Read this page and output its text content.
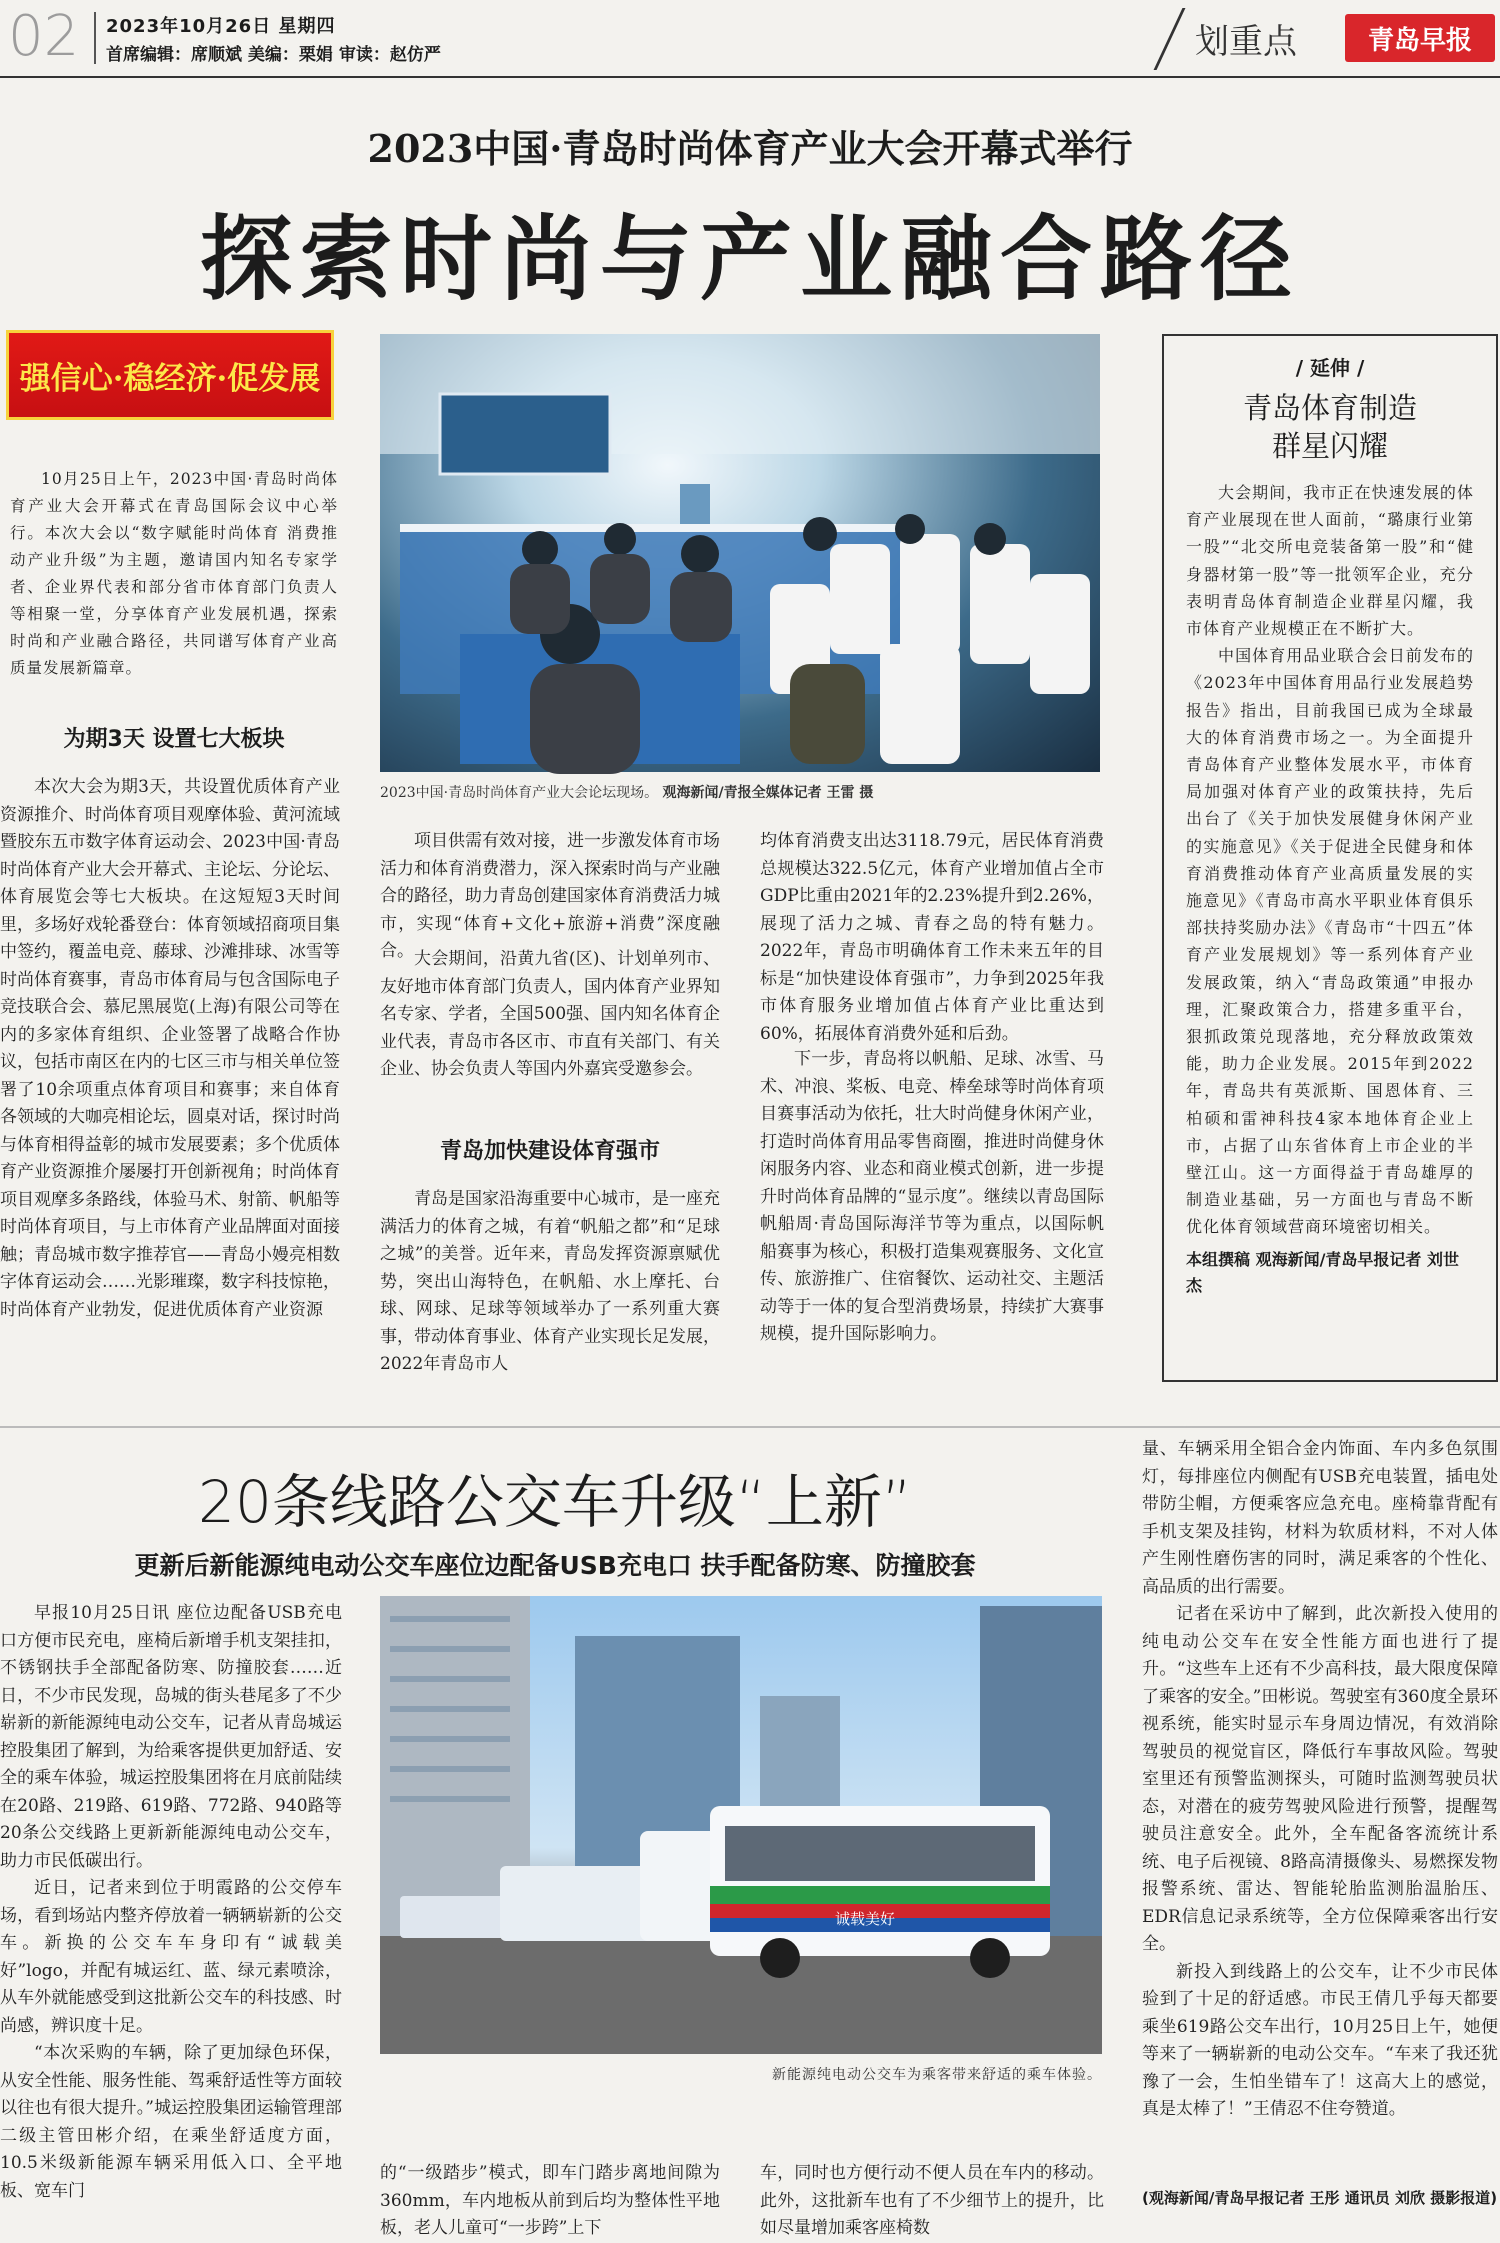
02 2023年10月26日 星期四
首席编辑：席顺斌 美编：栗娟 审读：赵仿严	划重点	青岛早报
2023中国·青岛时尚体育产业大会开幕式举行
探索时尚与产业融合路径
强信心·稳经济·促发展

10月25日上午，2023中国·青岛时尚体育产业大会开幕式在青岛国际会议中心举行。本次大会以“数字赋能时尚体育 消费推动产业升级”为主题，邀请国内知名专家学者、企业界代表和部分省市体育部门负责人等相聚一堂，分享体育产业发展机遇，探索时尚和产业融合路径，共同谱写体育产业高质量发展新篇章。

为期3天 设置七大板块

本次大会为期3天，共设置优质体育产业资源推介、时尚体育项目观摩体验、黄河流域暨胶东五市数字体育运动会、2023中国·青岛时尚体育产业大会开幕式、主论坛、分论坛、体育展览会等七大板块。在这短短3天时间里，多场好戏轮番登台：体育领域招商项目集中签约，覆盖电竞、藤球、沙滩排球、冰雪等时尚体育赛事，青岛市体育局与包含国际电子竞技联合会、慕尼黑展览(上海)有限公司等在内的多家体育组织、企业签署了战略合作协议，包括市南区在内的七区三市与相关单位签署了10余项重点体育项目和赛事；来自体育各领域的大咖亮相论坛，圆桌对话，探讨时尚与体育相得益彰的城市发展要素；多个优质体育产业资源推介屡屡打开创新视角；时尚体育项目观摩多条路线，体验马术、射箭、帆船等时尚体育项目，与上市体育产业品牌面对面接触；青岛城市数字推荐官——青岛小嫚亮相数字体育运动会……光影璀璨，数字科技惊艳，时尚体育产业勃发，促进优质体育产业资源

2023中国·青岛时尚体育产业大会论坛现场。 观海新闻/青报全媒体记者 王雷 摄

项目供需有效对接，进一步激发体育市场活力和体育消费潜力，深入探索时尚与产业融合的路径，助力青岛创建国家体育消费活力城市，实现“体育+文化+旅游+消费”深度融合。 大会期间，沿黄九省(区)、计划单列市、友好地市体育部门负责人，国内体育产业界知名专家、学者，全国500强、国内知名体育企业代表，青岛市各区市、市直有关部门、有关企业、协会负责人等国内外嘉宾受邀参会。

青岛加快建设体育强市

青岛是国家沿海重要中心城市，是一座充满活力的体育之城，有着“帆船之都”和“足球之城”的美誉。近年来，青岛发挥资源禀赋优势，突出山海特色，在帆船、水上摩托、台球、网球、足球等领域举办了一系列重大赛事，带动体育事业、体育产业实现长足发展，2022年青岛市人

均体育消费支出达3118.79元，居民体育消费总规模达322.5亿元，体育产业增加值占全市GDP比重由2021年的2.23%提升到2.26%，展现了活力之城、青春之岛的特有魅力。2022年，青岛市明确体育工作未来五年的目标是“加快建设体育强市”，力争到2025年我市体育服务业增加值占体育产业比重达到60%，拓展体育消费外延和后劲。

下一步，青岛将以帆船、足球、冰雪、马术、冲浪、桨板、电竞、棒垒球等时尚体育项目赛事活动为依托，壮大时尚健身休闲产业，打造时尚体育用品零售商圈，推进时尚健身休闲服务内容、业态和商业模式创新，进一步提升时尚体育品牌的“显示度”。继续以青岛国际帆船周·青岛国际海洋节等为重点，以国际帆船赛事为核心，积极打造集观赛服务、文化宣传、旅游推广、住宿餐饮、运动社交、主题活动等于一体的复合型消费场景，持续扩大赛事规模，提升国际影响力。

/ 延伸 /
青岛体育制造
群星闪耀

大会期间，我市正在快速发展的体育产业展现在世人面前，“璐康行业第一股”“北交所电竞装备第一股”和“健身器材第一股”等一批领军企业，充分表明青岛体育制造企业群星闪耀，我市体育产业规模正在不断扩大。

中国体育用品业联合会日前发布的《2023年中国体育用品行业发展趋势报告》指出，目前我国已成为全球最大的体育消费市场之一。为全面提升青岛体育产业整体发展水平，市体育局加强对体育产业的政策扶持，先后出台了《关于加快发展健身休闲产业的实施意见》《关于促进全民健身和体育消费推动体育产业高质量发展的实施意见》《青岛市高水平职业体育俱乐部扶持奖励办法》《青岛市“十四五”体育产业发展规划》等一系列体育产业发展政策，纳入“青岛政策通”申报办理，汇聚政策合力，搭建多重平台，狠抓政策兑现落地，充分释放政策效能，助力企业发展。2015年到2022年，青岛共有英派斯、国恩体育、三柏硕和雷神科技4家本地体育企业上市，占据了山东省体育上市企业的半壁江山。这一方面得益于青岛雄厚的制造业基础，另一方面也与青岛不断优化体育领域营商环境密切相关。

本组撰稿 观海新闻/青岛早报记者 刘世杰
20条线路公交车升级“上新”
更新后新能源纯电动公交车座位边配备USB充电口 扶手配备防寒、防撞胶套

早报10月25日讯 座位边配备USB充电口方便市民充电，座椅后新增手机支架挂扣，不锈钢扶手全部配备防寒、防撞胶套……近日，不少市民发现，岛城的街头巷尾多了不少崭新的新能源纯电动公交车，记者从青岛城运控股集团了解到，为给乘客提供更加舒适、安全的乘车体验，城运控股集团将在月底前陆续在20路、219路、619路、772路、940路等20条公交线路上更新新能源纯电动公交车，助力市民低碳出行。

近日，记者来到位于明霞路的公交停车场，看到场站内整齐停放着一辆辆崭新的公交车。新换的公交车车身印有“诚载美好”logo，并配有城运红、蓝、绿元素喷涂，从车外就能感受到这批新公交车的科技感、时尚感，辨识度十足。

“本次采购的车辆，除了更加绿色环保，从安全性能、服务性能、驾乘舒适性等方面较以往也有很大提升。”城运控股集团运输管理部二级主管田彬介绍，在乘坐舒适度方面，10.5米级新能源车辆采用低入口、全平地板、宽车门

诚载美好
新能源纯电动公交车为乘客带来舒适的乘车体验。

的“一级踏步”模式，即车门踏步离地间隙为360mm，车内地板从前到后均为整体性平地板，老人儿童可“一步跨”上下

车，同时也方便行动不便人员在车内的移动。此外，这批新车也有了不少细节上的提升，比如尽量增加乘客座椅数

量、车辆采用全铝合金内饰面、车内多色氛围灯，每排座位内侧配有USB充电装置，插电处带防尘帽，方便乘客应急充电。座椅靠背配有手机支架及挂钩，材料为软质材料，不对人体产生刚性磨伤害的同时，满足乘客的个性化、高品质的出行需要。

记者在采访中了解到，此次新投入使用的纯电动公交车在安全性能方面也进行了提升。“这些车上还有不少高科技，最大限度保障了乘客的安全。”田彬说。驾驶室有360度全景环视系统，能实时显示车身周边情况，有效消除驾驶员的视觉盲区，降低行车事故风险。驾驶室里还有预警监测探头，可随时监测驾驶员状态，对潜在的疲劳驾驶风险进行预警，提醒驾驶员注意安全。此外，全车配备客流统计系统、电子后视镜、8路高清摄像头、易燃探发物报警系统、雷达、智能轮胎监测胎温胎压、EDR信息记录系统等，全方位保障乘客出行安全。

新投入到线路上的公交车，让不少市民体验到了十足的舒适感。市民王倩几乎每天都要乘坐619路公交车出行，10月25日上午，她便等来了一辆崭新的电动公交车。“车来了我还犹豫了一会，生怕坐错车了！这高大上的感觉，真是太棒了！”王倩忍不住夸赞道。

(观海新闻/青岛早报记者 王彤 通讯员 刘欣 摄影报道)
